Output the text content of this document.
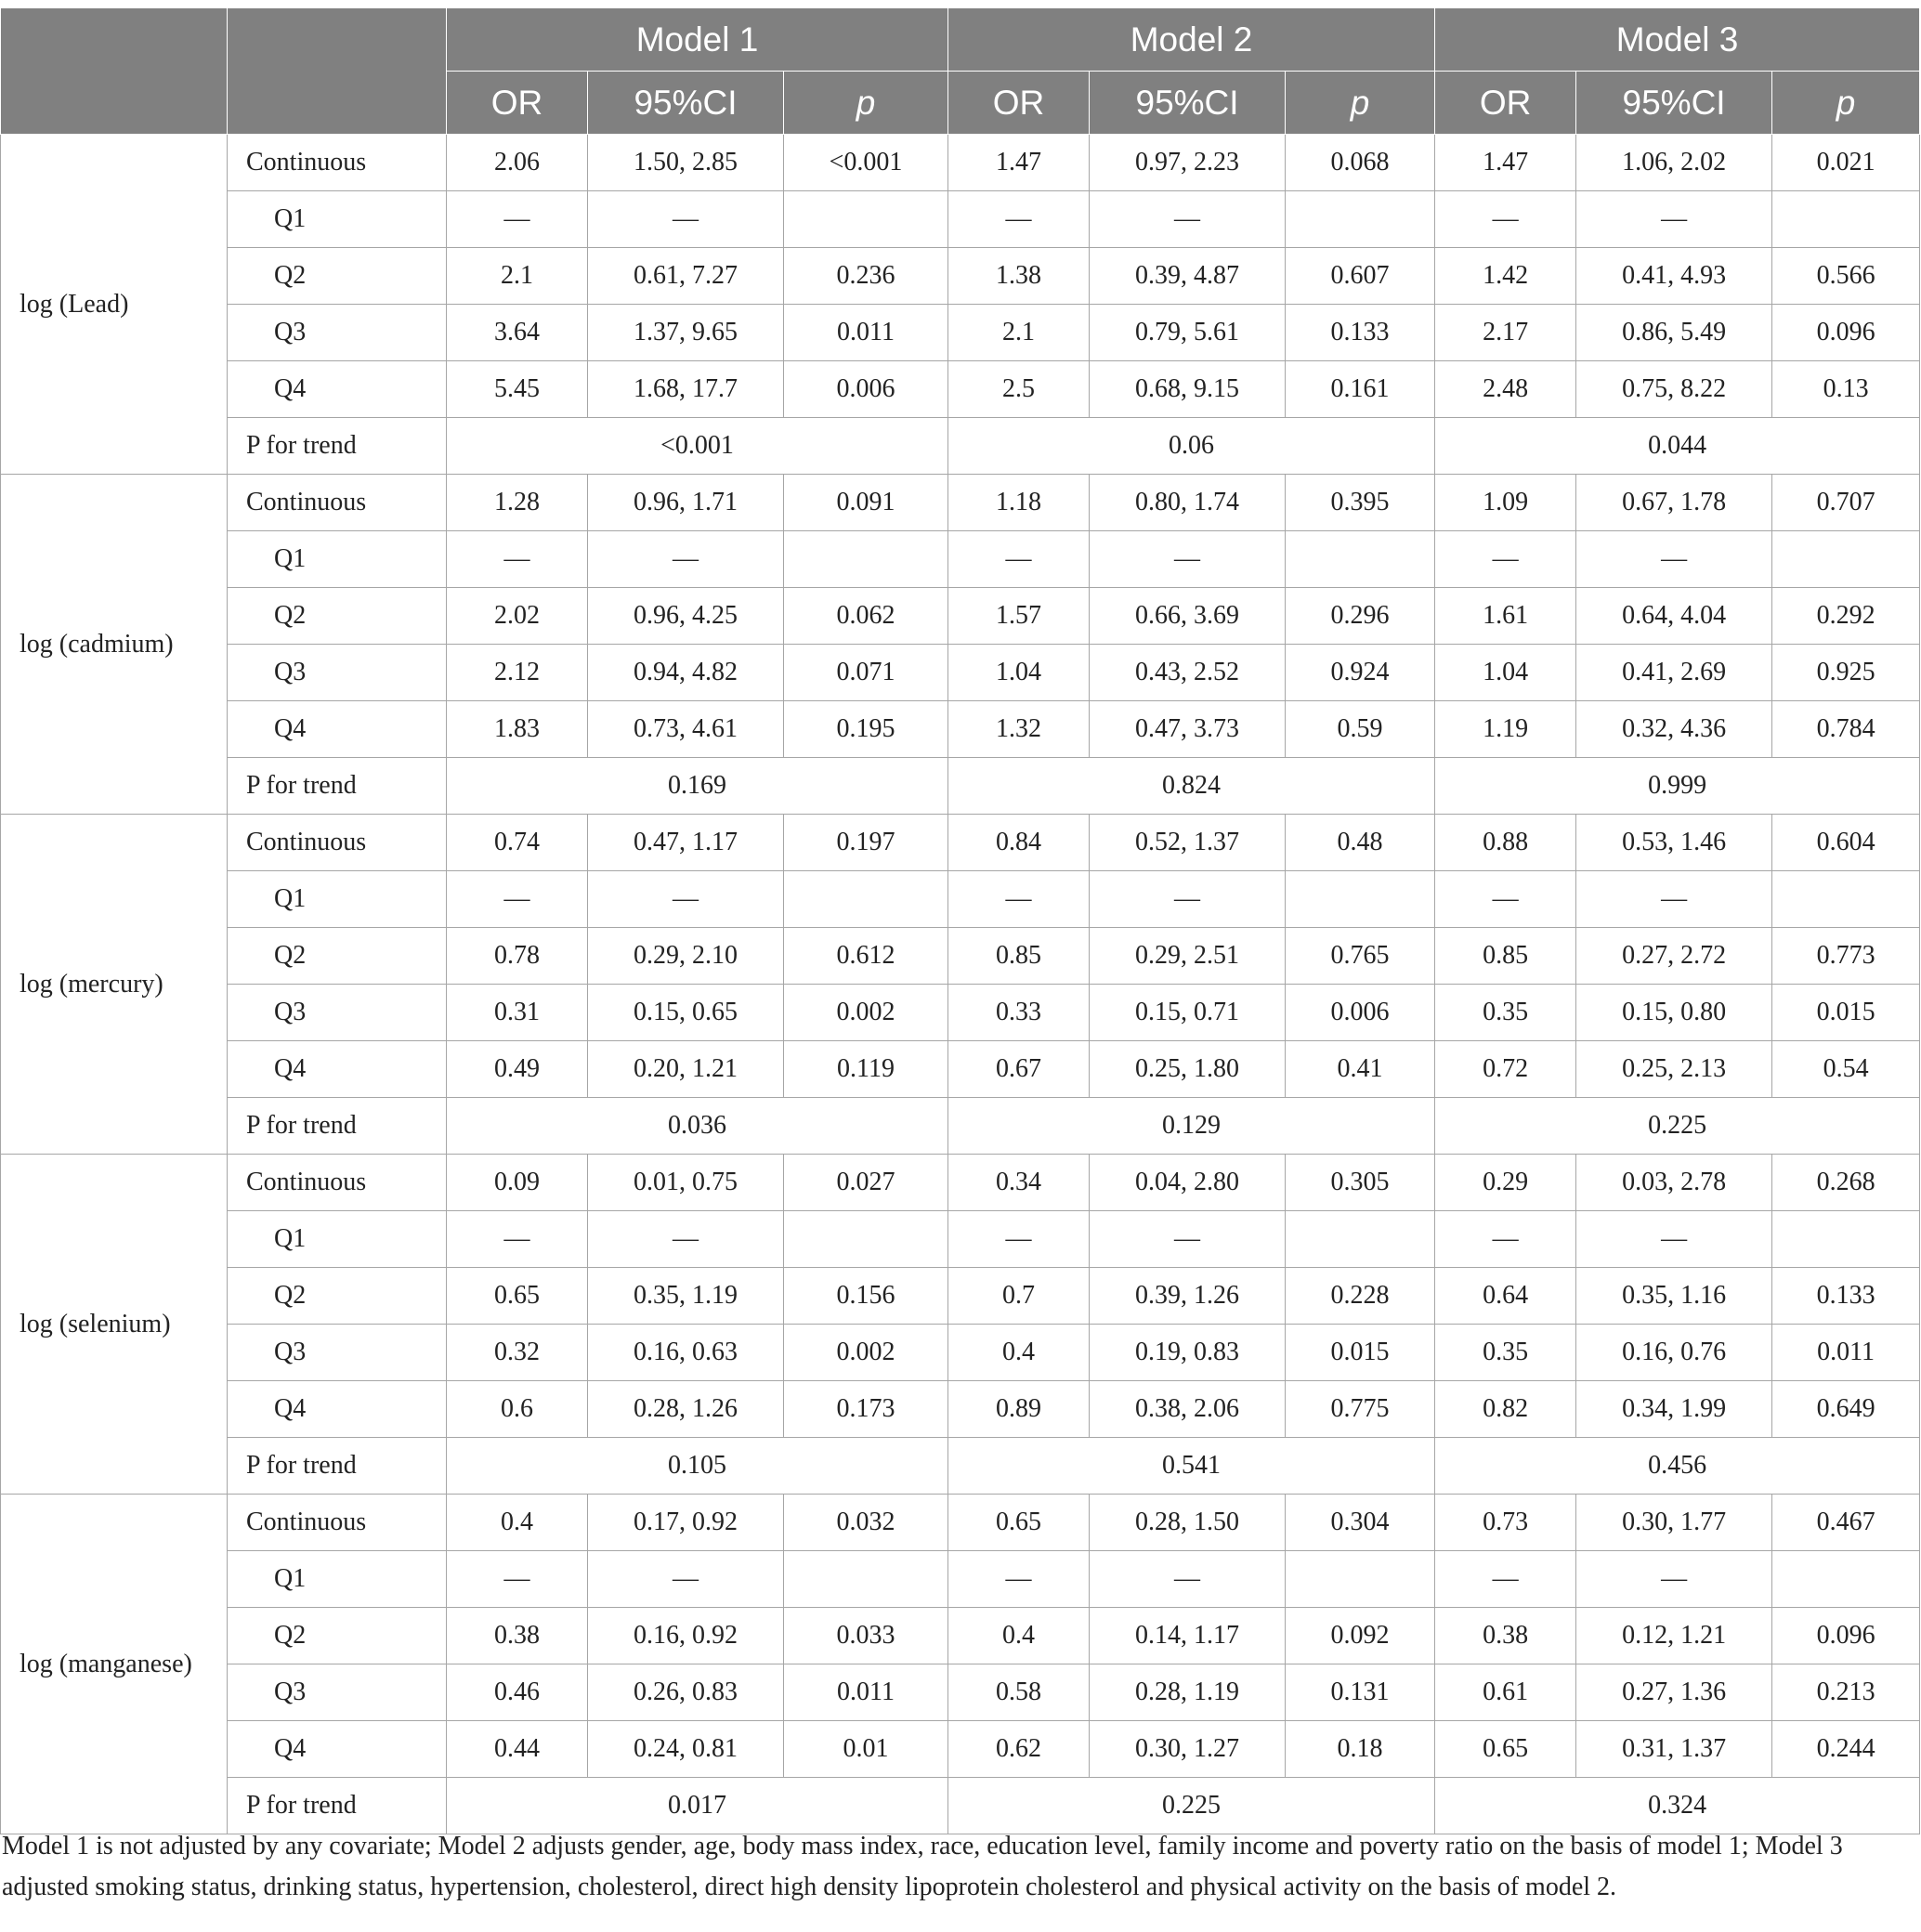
		Model 1			Model 2			Model 3		
		OR	95%CI	p	OR	95%CI	p	OR	95%CI	p
log (Lead)	Continuous	2.06	1.50, 2.85	<0.001	1.47	0.97, 2.23	0.068	1.47	1.06, 2.02	0.021
	Q1	—	—		—	—		—	—	
	Q2	2.1	0.61, 7.27	0.236	1.38	0.39, 4.87	0.607	1.42	0.41, 4.93	0.566
	Q3	3.64	1.37, 9.65	0.011	2.1	0.79, 5.61	0.133	2.17	0.86, 5.49	0.096
	Q4	5.45	1.68, 17.7	0.006	2.5	0.68, 9.15	0.161	2.48	0.75, 8.22	0.13
	P for trend	<0.001			0.06			0.044		
log (cadmium)	Continuous	1.28	0.96, 1.71	0.091	1.18	0.80, 1.74	0.395	1.09	0.67, 1.78	0.707
	Q1	—	—		—	—		—	—	
	Q2	2.02	0.96, 4.25	0.062	1.57	0.66, 3.69	0.296	1.61	0.64, 4.04	0.292
	Q3	2.12	0.94, 4.82	0.071	1.04	0.43, 2.52	0.924	1.04	0.41, 2.69	0.925
	Q4	1.83	0.73, 4.61	0.195	1.32	0.47, 3.73	0.59	1.19	0.32, 4.36	0.784
	P for trend	0.169			0.824			0.999		
log (mercury)	Continuous	0.74	0.47, 1.17	0.197	0.84	0.52, 1.37	0.48	0.88	0.53, 1.46	0.604
	Q1	—	—		—	—		—	—	
	Q2	0.78	0.29, 2.10	0.612	0.85	0.29, 2.51	0.765	0.85	0.27, 2.72	0.773
	Q3	0.31	0.15, 0.65	0.002	0.33	0.15, 0.71	0.006	0.35	0.15, 0.80	0.015
	Q4	0.49	0.20, 1.21	0.119	0.67	0.25, 1.80	0.41	0.72	0.25, 2.13	0.54
	P for trend	0.036			0.129			0.225		
log (selenium)	Continuous	0.09	0.01, 0.75	0.027	0.34	0.04, 2.80	0.305	0.29	0.03, 2.78	0.268
	Q1	—	—		—	—		—	—	
	Q2	0.65	0.35, 1.19	0.156	0.7	0.39, 1.26	0.228	0.64	0.35, 1.16	0.133
	Q3	0.32	0.16, 0.63	0.002	0.4	0.19, 0.83	0.015	0.35	0.16, 0.76	0.011
	Q4	0.6	0.28, 1.26	0.173	0.89	0.38, 2.06	0.775	0.82	0.34, 1.99	0.649
	P for trend	0.105			0.541			0.456		
log (manganese)	Continuous	0.4	0.17, 0.92	0.032	0.65	0.28, 1.50	0.304	0.73	0.30, 1.77	0.467
	Q1	—	—		—	—		—	—	
	Q2	0.38	0.16, 0.92	0.033	0.4	0.14, 1.17	0.092	0.38	0.12, 1.21	0.096
	Q3	0.46	0.26, 0.83	0.011	0.58	0.28, 1.19	0.131	0.61	0.27, 1.36	0.213
	Q4	0.44	0.24, 0.81	0.01	0.62	0.30, 1.27	0.18	0.65	0.31, 1.37	0.244
	P for trend	0.017			0.225			0.324		
Model 1 is not adjusted by any covariate; Model 2 adjusts gender, age, body mass index, race, education level, family income and poverty ratio on the basis of model 1; Model 3 adjusted smoking status, drinking status, hypertension, cholesterol, direct high density lipoprotein cholesterol and physical activity on the basis of model 2.
